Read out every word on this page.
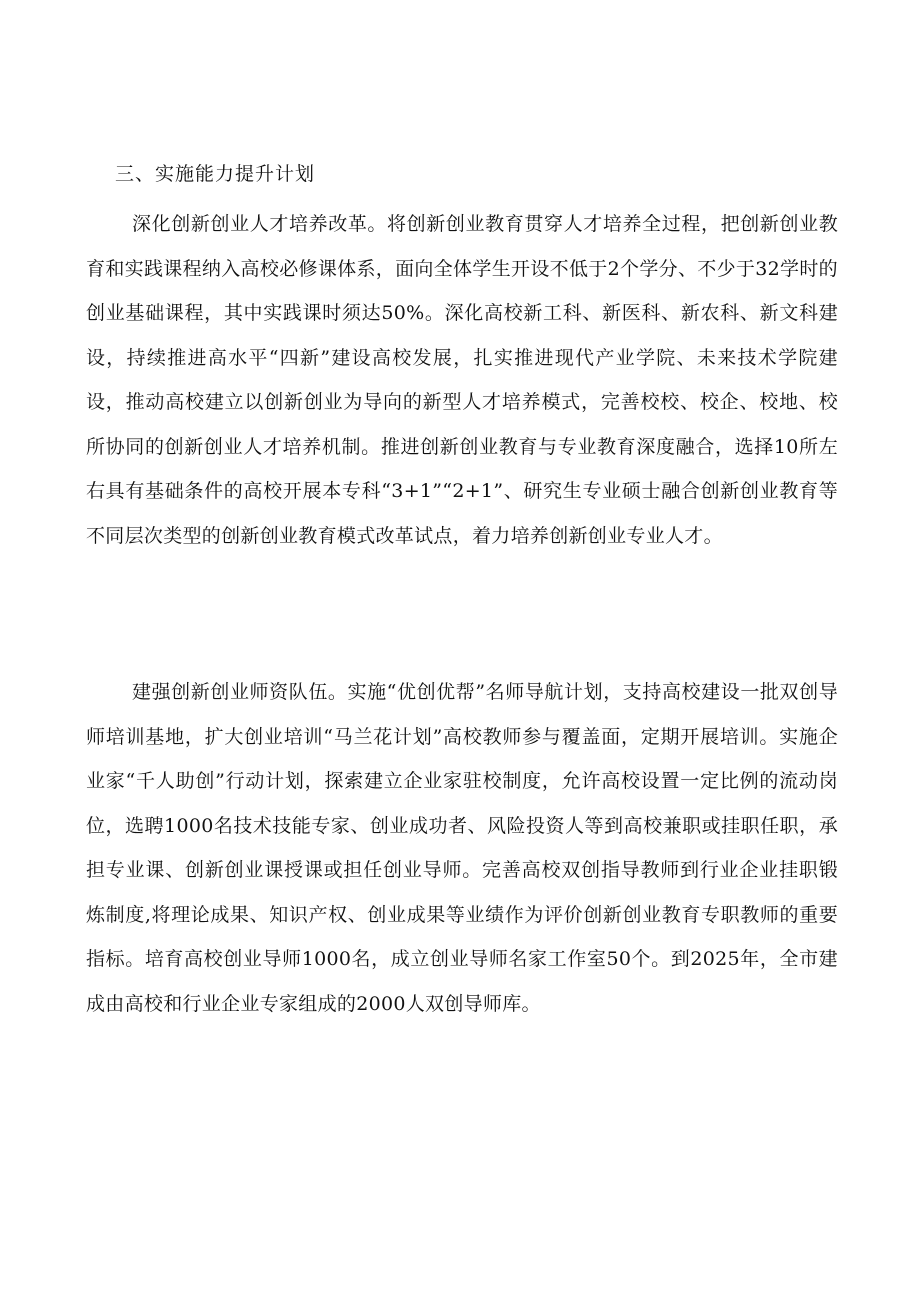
三、实施能力提升计划

深化创新创业人才培养改革。将创新创业教育贯穿人才培养全过程，把创新创业教育和实践课程纳入高校必修课体系，面向全体学生开设不低于2个学分、不少于32学时的创业基础课程，其中实践课时须达50%。深化高校新工科、新医科、新农科、新文科建设，持续推进高水平“四新”建设高校发展，扎实推进现代产业学院、未来技术学院建设，推动高校建立以创新创业为导向的新型人才培养模式，完善校校、校企、校地、校所协同的创新创业人才培养机制。推进创新创业教育与专业教育深度融合，选择10所左右具有基础条件的高校开展本专科“3+1”“2+1”、研究生专业硕士融合创新创业教育等不同层次类型的创新创业教育模式改革试点，着力培养创新创业专业人才。

建强创新创业师资队伍。实施“优创优帮”名师导航计划，支持高校建设一批双创导师培训基地，扩大创业培训“马兰花计划”高校教师参与覆盖面，定期开展培训。实施企业家“千人助创”行动计划，探索建立企业家驻校制度，允许高校设置一定比例的流动岗位，选聘1000名技术技能专家、创业成功者、风险投资人等到高校兼职或挂职任职，承担专业课、创新创业课授课或担任创业导师。完善高校双创指导教师到行业企业挂职锻炼制度,将理论成果、知识产权、创业成果等业绩作为评价创新创业教育专职教师的重要指标。培育高校创业导师1000名，成立创业导师名家工作室50个。到2025年，全市建成由高校和行业企业专家组成的2000人双创导师库。
